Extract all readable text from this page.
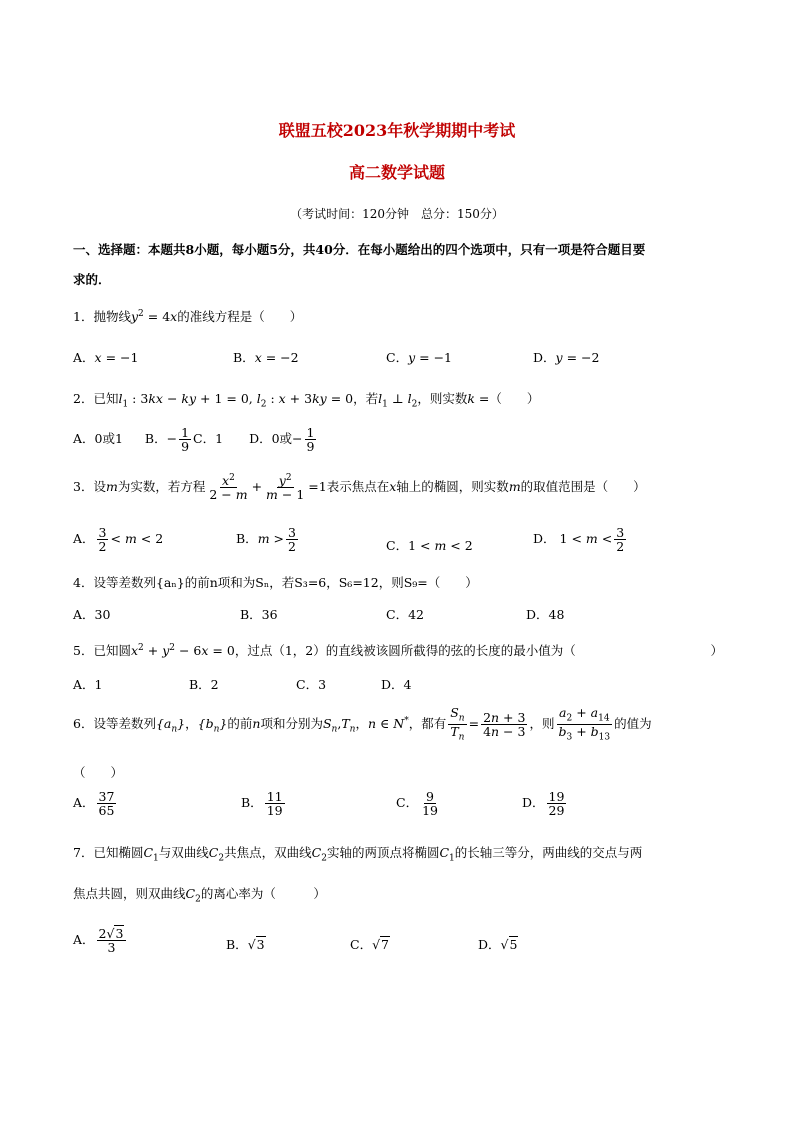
联盟五校2023年秋学期期中考试
高二数学试题
（考试时间：120分钟　总分：150分）
一、选择题：本题共8小题，每小题5分，共40分．在每小题给出的四个选项中，只有一项是符合题目要
求的．
1．抛物线$y^2 = 4x$的准线方程是（　　）
A．x = −1	B．x = −2	C．y = −1	D．y = −2
2．已知$l_1$ : 3kx − ky + 1 = 0, $l_2$ : x + 3ky = 0，若$l_1$ ⊥ $l_2$，则实数k =（　　）
A．0或1 B．− $\frac{1}{9}$ C．1 D．0或− $\frac{1}{9}$
3．设m为实数，若方程 $\frac{x^2}{2 - m} + \frac{y^2}{m - 1} =1$表示焦点在x轴上的椭圆，则实数m的取值范围是（　　）
A． $\frac{3}{2} < m < 2$	B．$m > \frac{3}{2}$	C．1 < m < 2	D． $1 < m < \frac{3}{2}$
4．设等差数列{aₙ}的前n项和为Sₙ，若S₃=6，S₆=12，则S₉=（　　）
A．30	B．36	C．42	D．48
5．已知圆$x^2 + y^2 - 6x = 0$，过点（1，2）的直线被该圆所截得的弦的长度的最小值为（	）
A．1	B．2	C．3	D．4
6．设等差数列$\{a_n\}$，$\{b_n\}$的前n项和分别为$S_n,T_n$，n ∈ N*，都有 $\frac{S_n}{T_n} = \frac{2n + 3}{4n - 3}$ ，则 $\frac{a_2 + a_{14}}{b_3 + b_{13}}$ 的值为
（　　）
A． $\frac{37}{65}$	B． $\frac{11}{19}$	C． $\frac{9}{19}$	D． $\frac{19}{29}$
7．已知椭圆$C_1$与双曲线$C_2$共焦点，双曲线$C_2$实轴的两顶点将椭圆$C_1$的长轴三等分，两曲线的交点与两
焦点共圆，则双曲线$C_2$的离心率为（　　　）
A． $\frac{2√3}{3}$	B．√3	C．√7	D．√5
